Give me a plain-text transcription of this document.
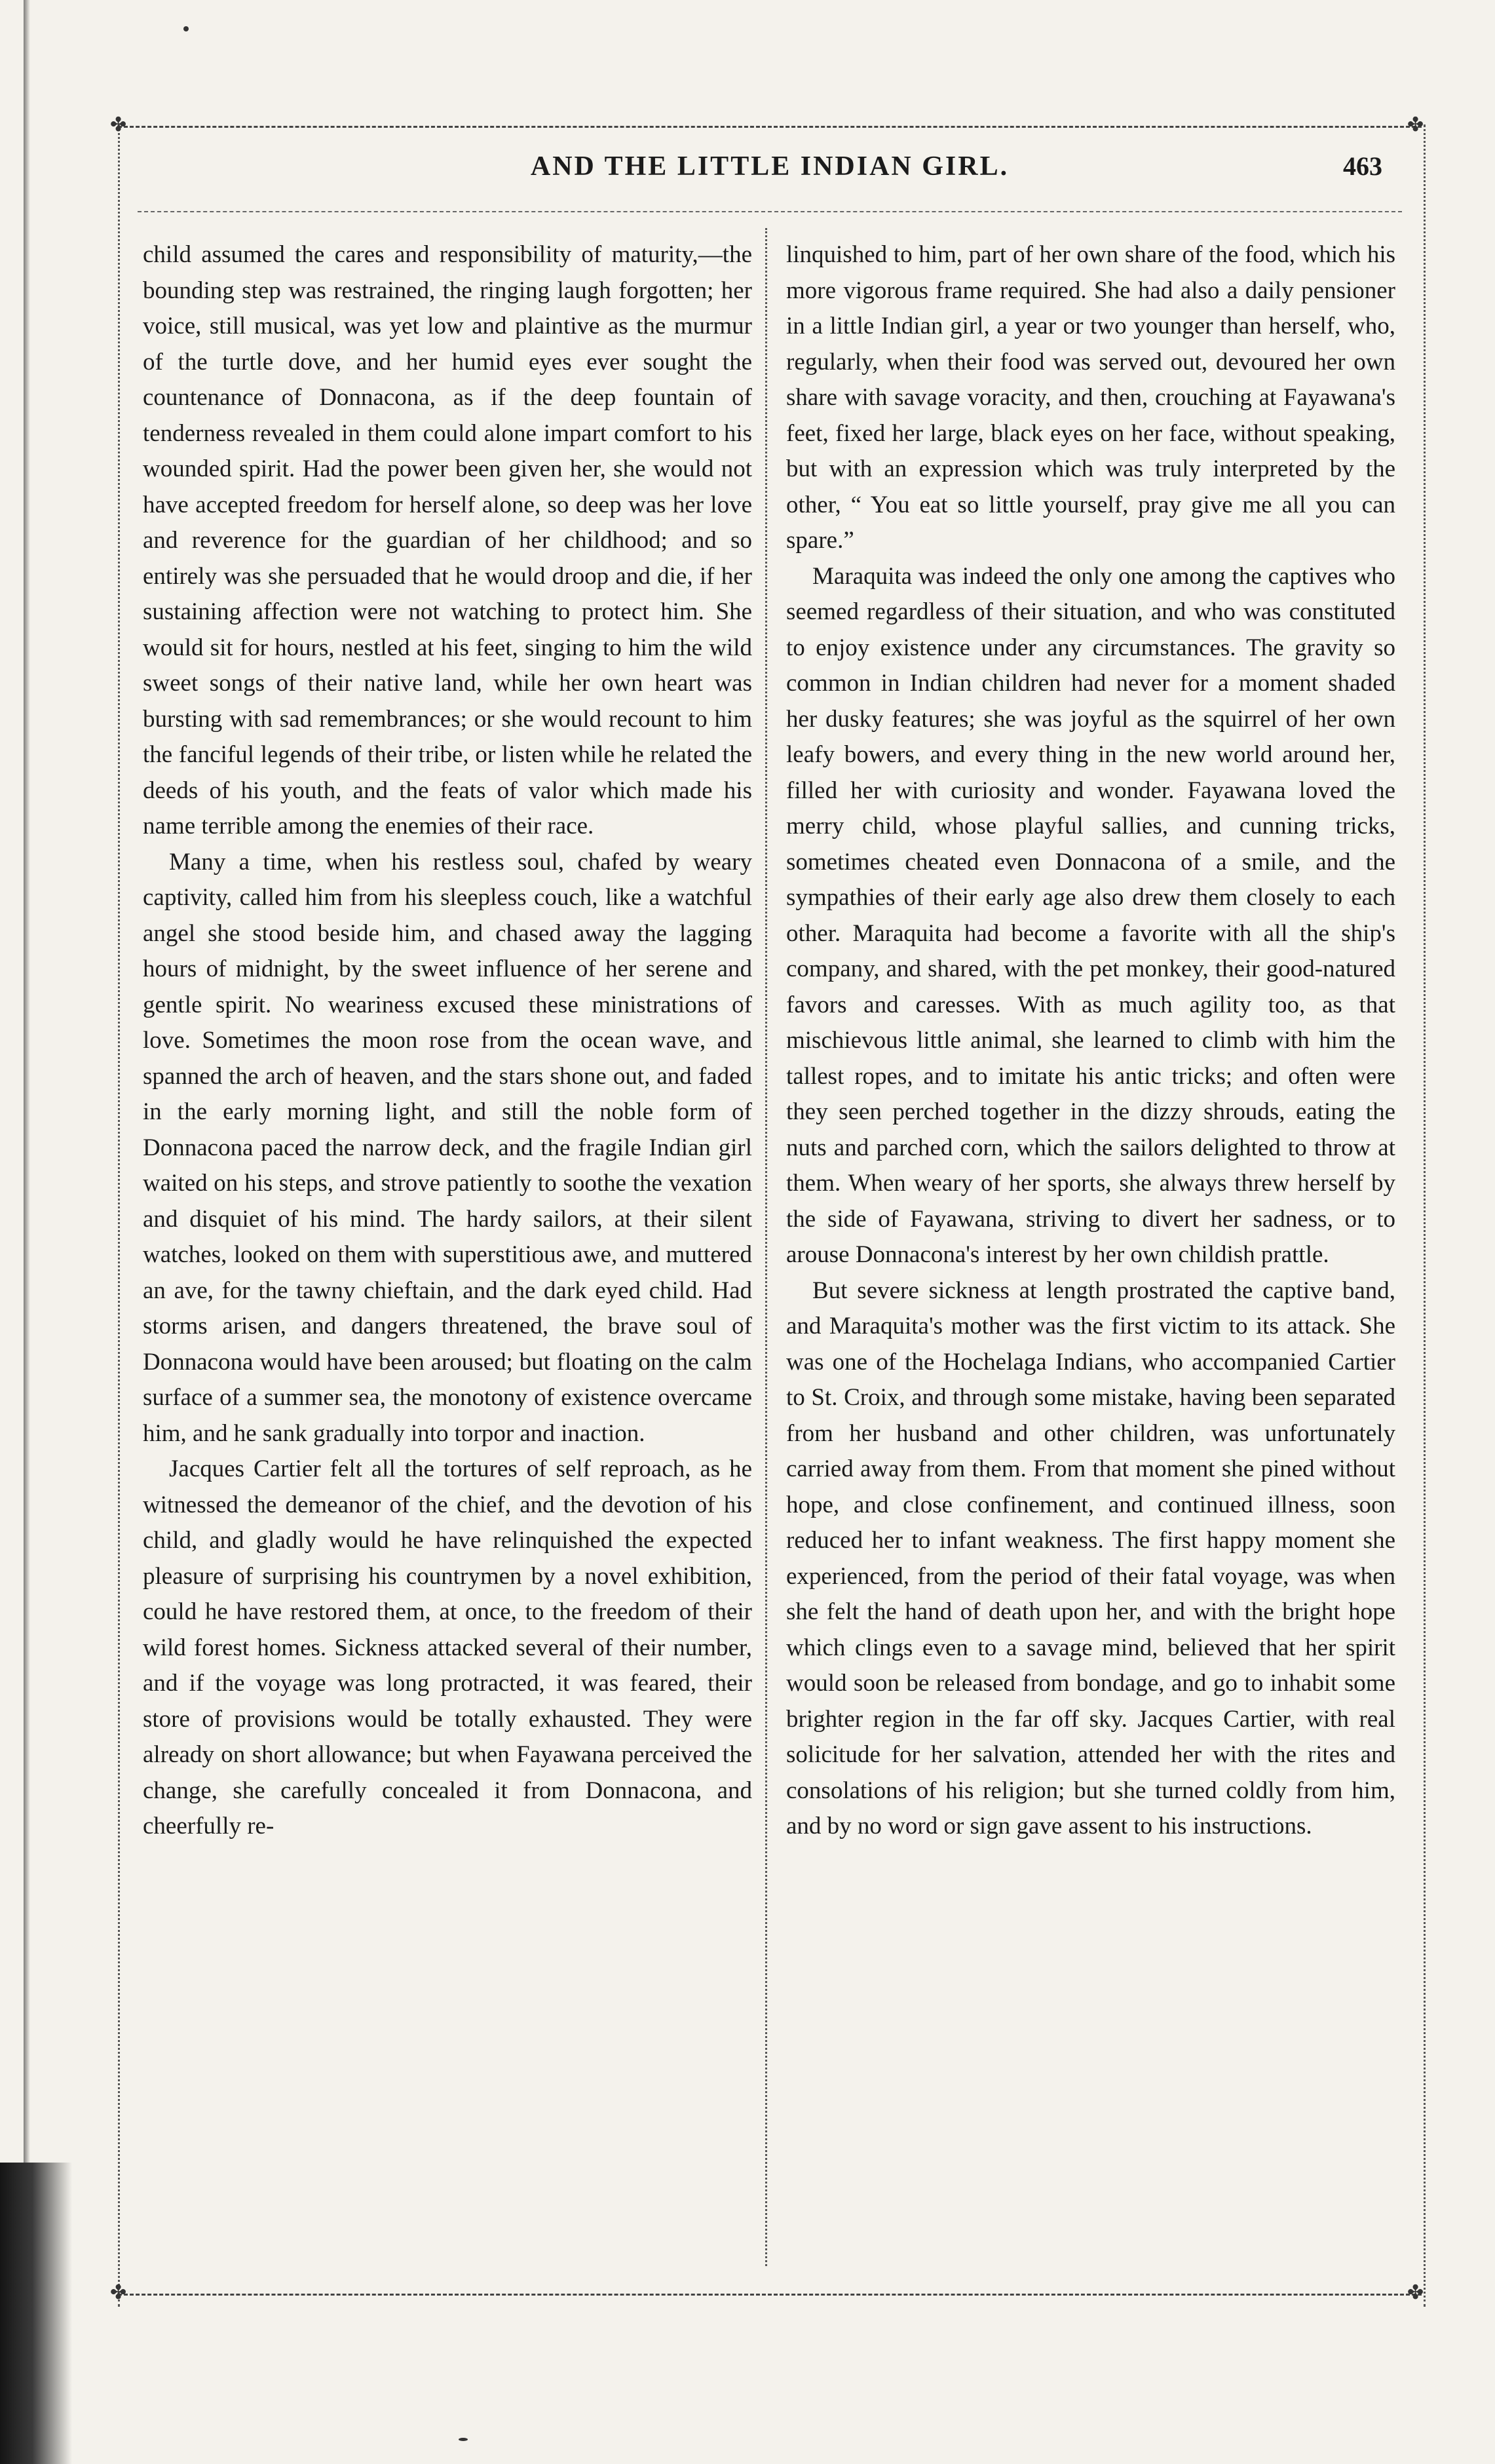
✤	✤
✤	✤
AND THE LITTLE INDIAN GIRL.	463

child assumed the cares and responsibility of maturity,—the bounding step was restrained, the ringing laugh forgotten; her voice, still musical, was yet low and plaintive as the murmur of the turtle dove, and her humid eyes ever sought the countenance of Donnacona, as if the deep fountain of tenderness revealed in them could alone impart comfort to his wounded spirit. Had the power been given her, she would not have accepted freedom for herself alone, so deep was her love and reverence for the guardian of her childhood; and so entirely was she persuaded that he would droop and die, if her sustaining affection were not watching to protect him. She would sit for hours, nestled at his feet, singing to him the wild sweet songs of their native land, while her own heart was bursting with sad remembrances; or she would recount to him the fanciful legends of their tribe, or listen while he related the deeds of his youth, and the feats of valor which made his name terrible among the enemies of their race.

Many a time, when his restless soul, chafed by weary captivity, called him from his sleepless couch, like a watchful angel she stood beside him, and chased away the lagging hours of midnight, by the sweet influence of her serene and gentle spirit. No weariness excused these ministrations of love. Sometimes the moon rose from the ocean wave, and spanned the arch of heaven, and the stars shone out, and faded in the early morning light, and still the noble form of Donnacona paced the narrow deck, and the fragile Indian girl waited on his steps, and strove patiently to soothe the vexation and disquiet of his mind. The hardy sailors, at their silent watches, looked on them with superstitious awe, and muttered an ave, for the tawny chieftain, and the dark eyed child. Had storms arisen, and dangers threatened, the brave soul of Donnacona would have been aroused; but floating on the calm surface of a summer sea, the monotony of existence overcame him, and he sank gradually into torpor and inaction.

Jacques Cartier felt all the tortures of self reproach, as he witnessed the demeanor of the chief, and the devotion of his child, and gladly would he have relinquished the expected pleasure of surprising his countrymen by a novel exhibition, could he have restored them, at once, to the freedom of their wild forest homes. Sickness attacked several of their number, and if the voyage was long protracted, it was feared, their store of provisions would be totally exhausted. They were already on short allowance; but when Fayawana perceived the change, she carefully concealed it from Donnacona, and cheerfully re-

linquished to him, part of her own share of the food, which his more vigorous frame required. She had also a daily pensioner in a little Indian girl, a year or two younger than herself, who, regularly, when their food was served out, devoured her own share with savage voracity, and then, crouching at Fayawana's feet, fixed her large, black eyes on her face, without speaking, but with an expression which was truly interpreted by the other, “ You eat so little yourself, pray give me all you can spare.”

Maraquita was indeed the only one among the captives who seemed regardless of their situation, and who was constituted to enjoy existence under any circumstances. The gravity so common in Indian children had never for a moment shaded her dusky features; she was joyful as the squirrel of her own leafy bowers, and every thing in the new world around her, filled her with curiosity and wonder. Fayawana loved the merry child, whose playful sallies, and cunning tricks, sometimes cheated even Donnacona of a smile, and the sympathies of their early age also drew them closely to each other. Maraquita had become a favorite with all the ship's company, and shared, with the pet monkey, their good-natured favors and caresses. With as much agility too, as that mischievous little animal, she learned to climb with him the tallest ropes, and to imitate his antic tricks; and often were they seen perched together in the dizzy shrouds, eating the nuts and parched corn, which the sailors delighted to throw at them. When weary of her sports, she always threw herself by the side of Fayawana, striving to divert her sadness, or to arouse Donnacona's interest by her own childish prattle.

But severe sickness at length prostrated the captive band, and Maraquita's mother was the first victim to its attack. She was one of the Hochelaga Indians, who accompanied Cartier to St. Croix, and through some mistake, having been separated from her husband and other children, was unfortunately carried away from them. From that moment she pined without hope, and close confinement, and continued illness, soon reduced her to infant weakness. The first happy moment she experienced, from the period of their fatal voyage, was when she felt the hand of death upon her, and with the bright hope which clings even to a savage mind, believed that her spirit would soon be released from bondage, and go to inhabit some brighter region in the far off sky. Jacques Cartier, with real solicitude for her salvation, attended her with the rites and consolations of his religion; but she turned coldly from him, and by no word or sign gave assent to his instructions.
